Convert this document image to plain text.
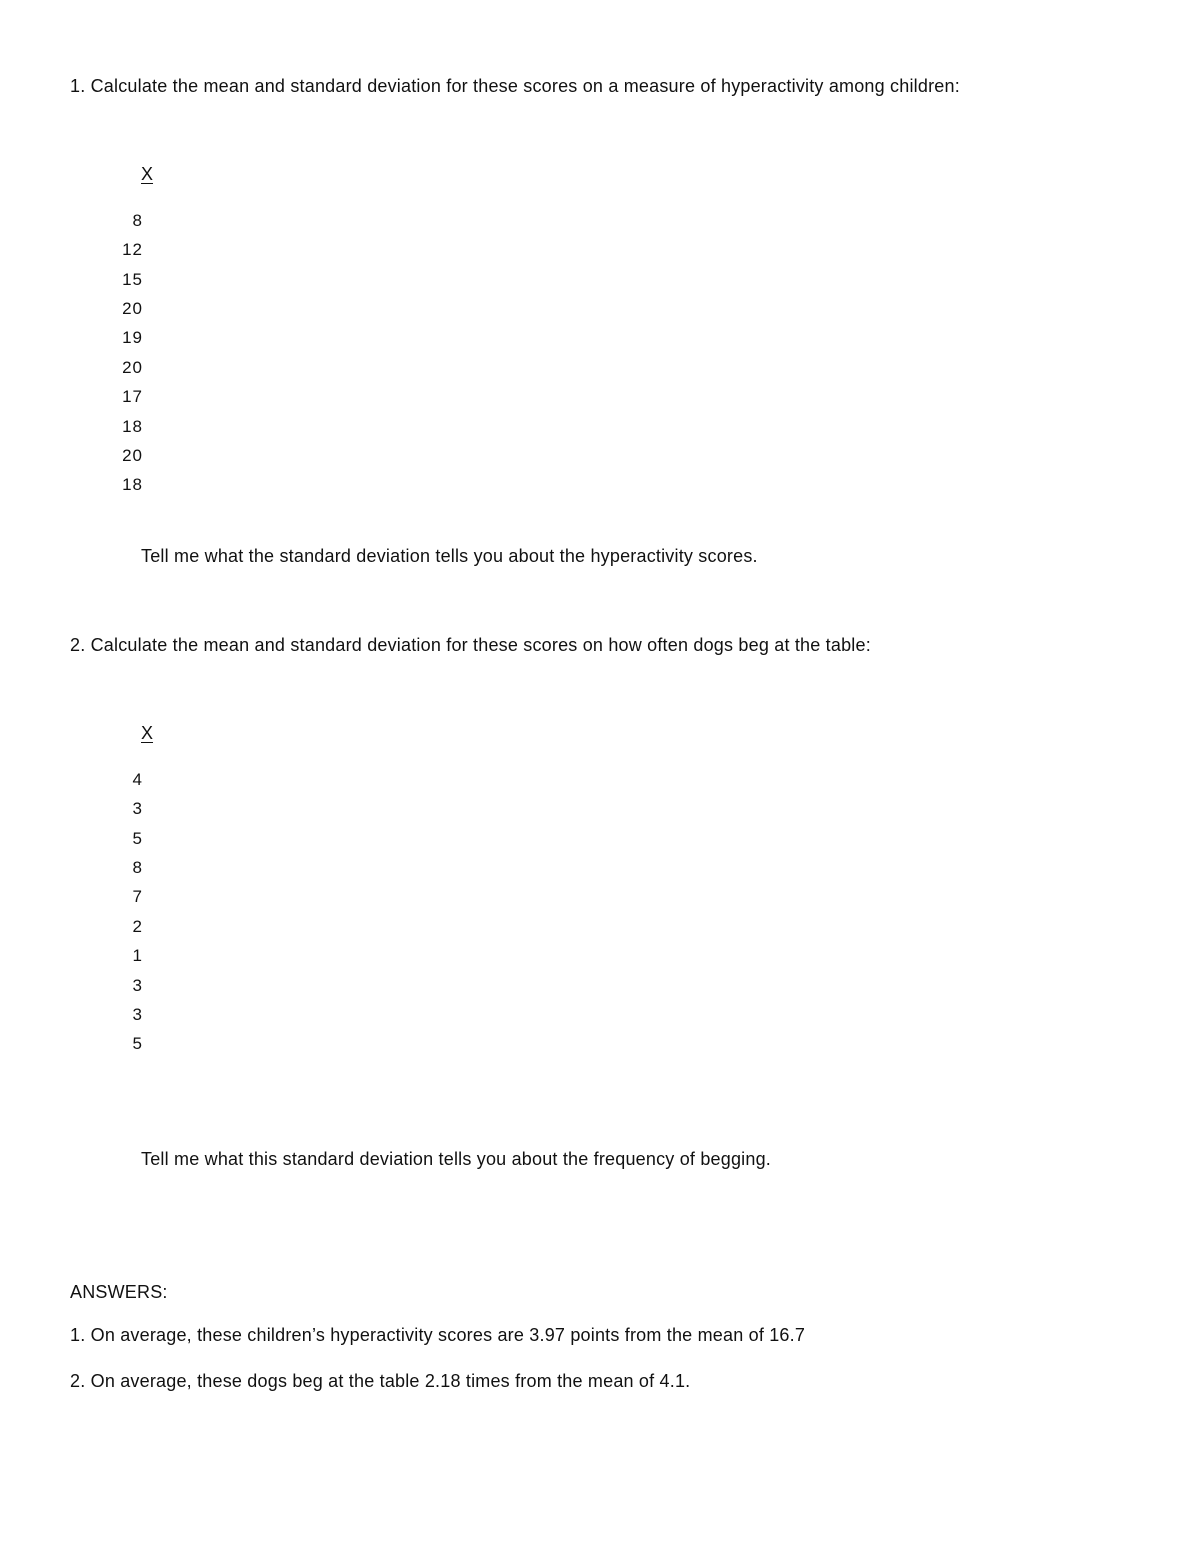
1. Calculate the mean and standard deviation for these scores on a measure of hyperactivity among children:
X
8
12
15
20
19
20
17
18
20
18
Tell me what the standard deviation tells you about the hyperactivity scores.
2. Calculate the mean and standard deviation for these scores on how often dogs beg at the table:
X
4
3
5
8
7
2
1
3
3
5
Tell me what this standard deviation tells you about the frequency of begging.
ANSWERS:
1. On average, these children’s hyperactivity scores are 3.97 points from the mean of 16.7
2. On average, these dogs beg at the table 2.18 times from the mean of 4.1.
